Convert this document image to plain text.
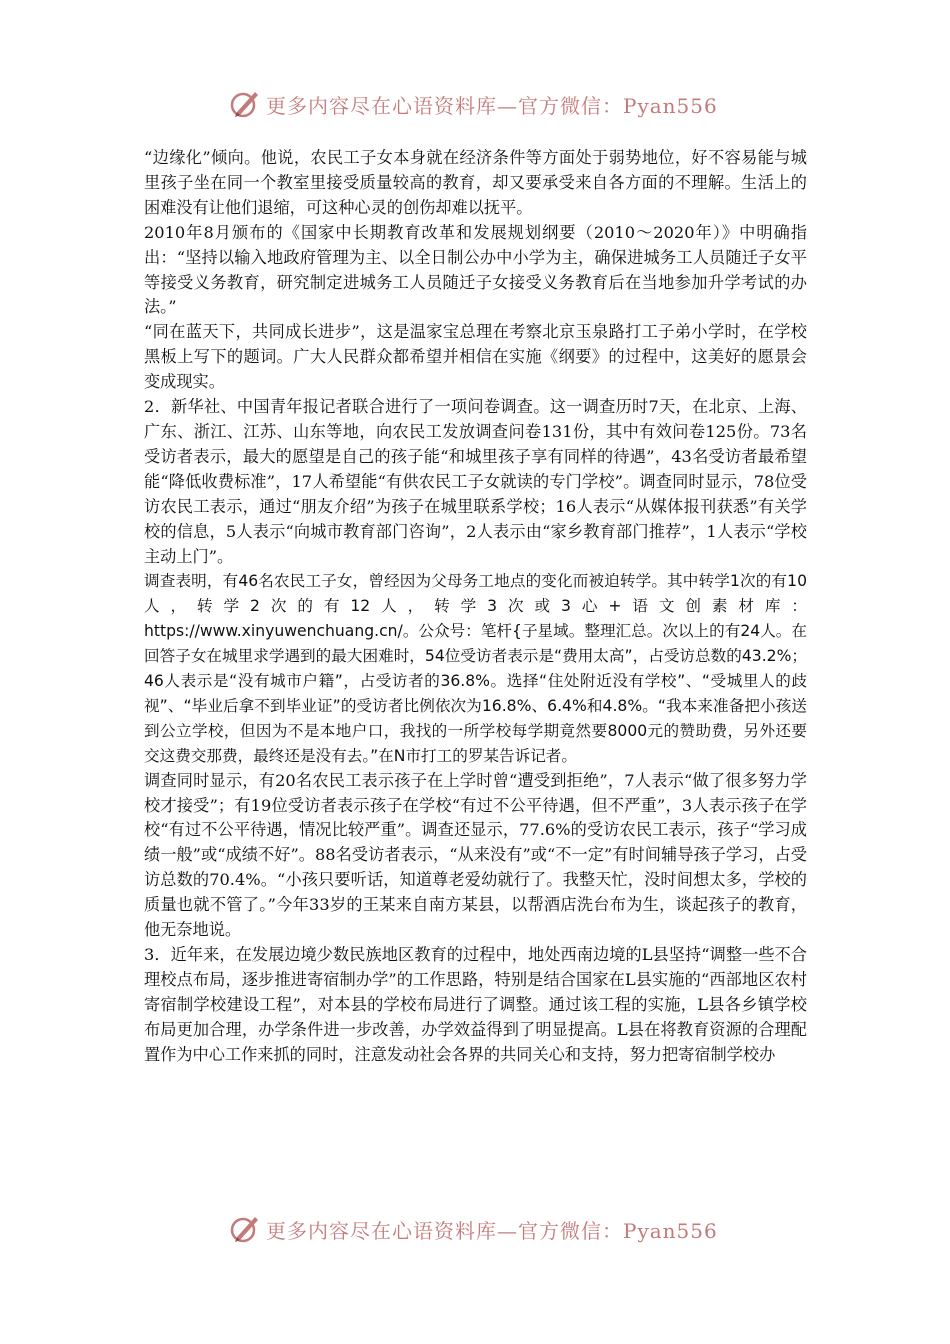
更多内容尽在心语资料库—官方微信：Pyan556

“边缘化”倾向。他说，农民工子女本身就在经济条件等方面处于弱势地位，好不容易能与城里孩子坐在同一个教室里接受质量较高的教育，却又要承受来自各方面的不理解。生活上的困难没有让他们退缩，可这种心灵的创伤却难以抚平。

2010年8月颁布的《国家中长期教育改革和发展规划纲要（2010～2020年）》中明确指出：“坚持以输入地政府管理为主、以全日制公办中小学为主，确保进城务工人员随迁子女平等接受义务教育，研究制定进城务工人员随迁子女接受义务教育后在当地参加升学考试的办法。”

“同在蓝天下，共同成长进步”，这是温家宝总理在考察北京玉泉路打工子弟小学时，在学校黑板上写下的题词。广大人民群众都希望并相信在实施《纲要》的过程中，这美好的愿景会变成现实。

2．新华社、中国青年报记者联合进行了一项问卷调查。这一调查历时7天，在北京、上海、广东、浙江、江苏、山东等地，向农民工发放调查问卷131份，其中有效问卷125份。73名受访者表示，最大的愿望是自己的孩子能“和城里孩子享有同样的待遇”，43名受访者最希望能“降低收费标准”，17人希望能“有供农民工子女就读的专门学校”。调查同时显示，78位受访农民工表示，通过“朋友介绍”为孩子在城里联系学校；16人表示“从媒体报刊获悉”有关学校的信息，5人表示“向城市教育部门咨询”，2人表示由“家乡教育部门推荐”，1人表示“学校主动上门”。

调查表明，有46名农民工子女，曾经因为父母务工地点的变化而被迫转学。其中转学1次的有10人，转学2次的有12人，转学3次或3心+语文创素材库：https://www.xinyuwenchuang.cn/。公众号：笔杆{子星域。整理汇总。次以上的有24人。在回答子女在城里求学遇到的最大困难时，54位受访者表示是“费用太高”，占受访总数的43.2%；46人表示是“没有城市户籍”，占受访者的36.8%。选择“住处附近没有学校”、“受城里人的歧视”、“毕业后拿不到毕业证”的受访者比例依次为16.8%、6.4%和4.8%。“我本来准备把小孩送到公立学校，但因为不是本地户口，我找的一所学校每学期竟然要8000元的赞助费，另外还要交这费交那费，最终还是没有去。”在N市打工的罗某告诉记者。

调查同时显示，有20名农民工表示孩子在上学时曾“遭受到拒绝”，7人表示“做了很多努力学校才接受”；有19位受访者表示孩子在学校“有过不公平待遇，但不严重”，3人表示孩子在学校“有过不公平待遇，情况比较严重”。调查还显示，77.6%的受访农民工表示，孩子“学习成绩一般”或“成绩不好”。88名受访者表示，“从来没有”或“不一定”有时间辅导孩子学习，占受访总数的70.4%。“小孩只要听话，知道尊老爱幼就行了。我整天忙，没时间想太多，学校的质量也就不管了。”今年33岁的王某来自南方某县，以帮酒店洗台布为生，谈起孩子的教育，他无奈地说。

3．近年来，在发展边境少数民族地区教育的过程中，地处西南边境的L县坚持“调整一些不合理校点布局，逐步推进寄宿制办学”的工作思路，特别是结合国家在L县实施的“西部地区农村寄宿制学校建设工程”，对本县的学校布局进行了调整。通过该工程的实施，L县各乡镇学校布局更加合理，办学条件进一步改善，办学效益得到了明显提高。L县在将教育资源的合理配置作为中心工作来抓的同时，注意发动社会各界的共同关心和支持，努力把寄宿制学校办

更多内容尽在心语资料库—官方微信：Pyan556
